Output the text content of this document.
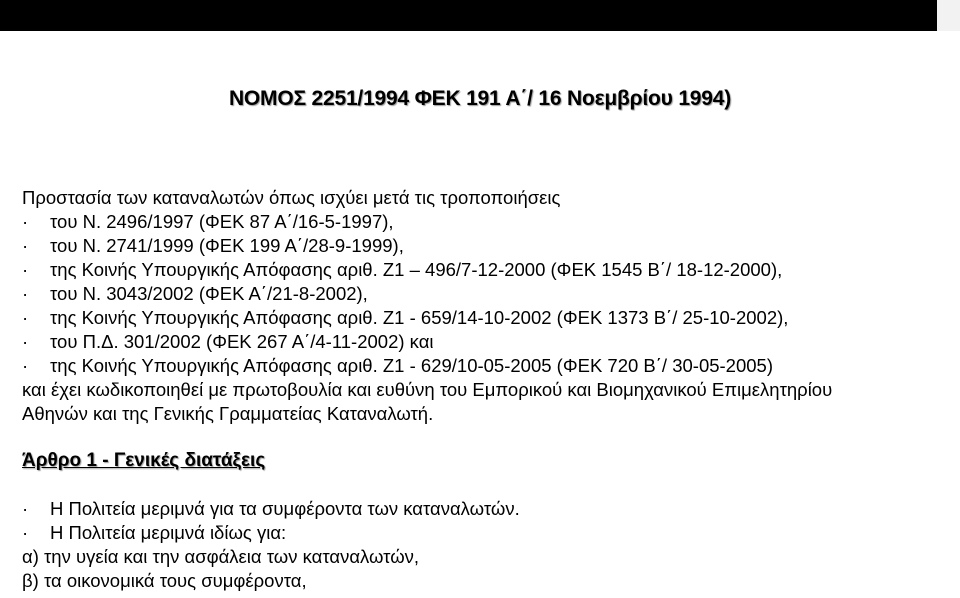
ΝΟΜΟΣ 2251/1994 ΦΕΚ 191 Α΄/ 16 Νοεμβρίου 1994)
Προστασία των καταναλωτών όπως ισχύει μετά τις τροποποιήσεις
· του Ν. 2496/1997 (ΦΕΚ 87 Α΄/16-5-1997),
· του Ν. 2741/1999 (ΦΕΚ 199 Α΄/28-9-1999),
· της Κοινής Υπουργικής Απόφασης αριθ. Ζ1 – 496/7-12-2000 (ΦΕΚ 1545 Β΄/ 18-12-2000),
· του Ν. 3043/2002 (ΦΕΚ Α΄/21-8-2002),
· της Κοινής Υπουργικής Απόφασης αριθ. Ζ1 - 659/14-10-2002 (ΦΕΚ 1373 Β΄/ 25-10-2002),
· του Π.Δ. 301/2002 (ΦΕΚ 267 Α΄/4-11-2002) και
· της Κοινής Υπουργικής Απόφασης αριθ. Ζ1 - 629/10-05-2005 (ΦΕΚ 720 Β΄/ 30-05-2005)
και έχει κωδικοποιηθεί με πρωτοβουλία και ευθύνη του Εμπορικού και Βιομηχανικού Επιμελητηρίου
Αθηνών και της Γενικής Γραμματείας Καταναλωτή.
Άρθρο 1 - Γενικές διατάξεις
· Η Πολιτεία μεριμνά για τα συμφέροντα των καταναλωτών.
· Η Πολιτεία μεριμνά ιδίως για:
α) την υγεία και την ασφάλεια των καταναλωτών,
β) τα οικονομικά τους συμφέροντα,
